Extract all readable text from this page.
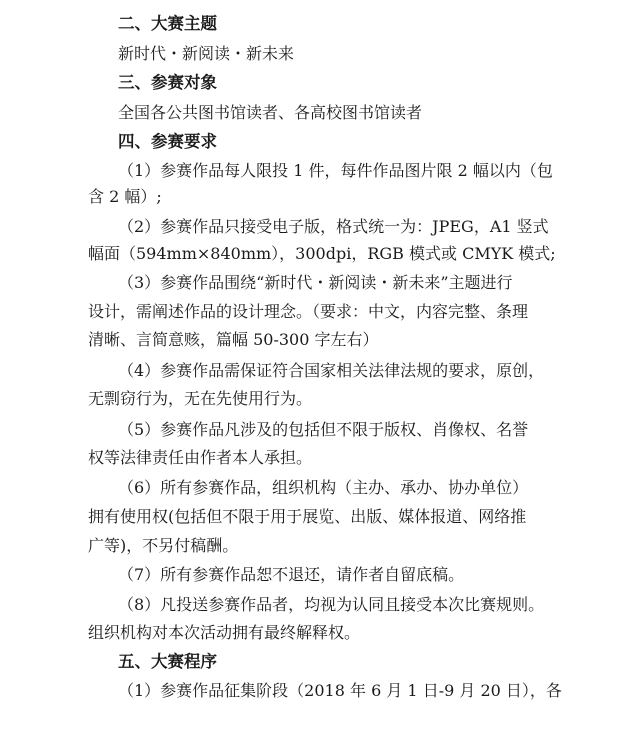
二、大赛主题
新时代・新阅读・新未来
三、参赛对象
全国各公共图书馆读者、各高校图书馆读者
四、参赛要求
（1）参赛作品每人限投 1 件，每件作品图片限 2 幅以内（包
含 2 幅）;
（2）参赛作品只接受电子版，格式统一为：JPEG，A1 竖式
幅面（594mm×840mm），300dpi，RGB 模式或 CMYK 模式;
（3）参赛作品围绕“新时代・新阅读・新未来”主题进行
设计，需阐述作品的设计理念。（要求：中文，内容完整、条理
清晰、言简意赅，篇幅 50-300 字左右）
（4）参赛作品需保证符合国家相关法律法规的要求，原创，
无剽窃行为，无在先使用行为。
（5）参赛作品凡涉及的包括但不限于版权、肖像权、名誉
权等法律责任由作者本人承担。
（6）所有参赛作品，组织机构（主办、承办、协办单位）
拥有使用权(包括但不限于用于展览、出版、媒体报道、网络推
广等)，不另付稿酬。
（7）所有参赛作品恕不退还，请作者自留底稿。
（8）凡投送参赛作品者，均视为认同且接受本次比赛规则。
组织机构对本次活动拥有最终解释权。
五、大赛程序
（1）参赛作品征集阶段（2018 年 6 月 1 日-9 月 20 日），各
